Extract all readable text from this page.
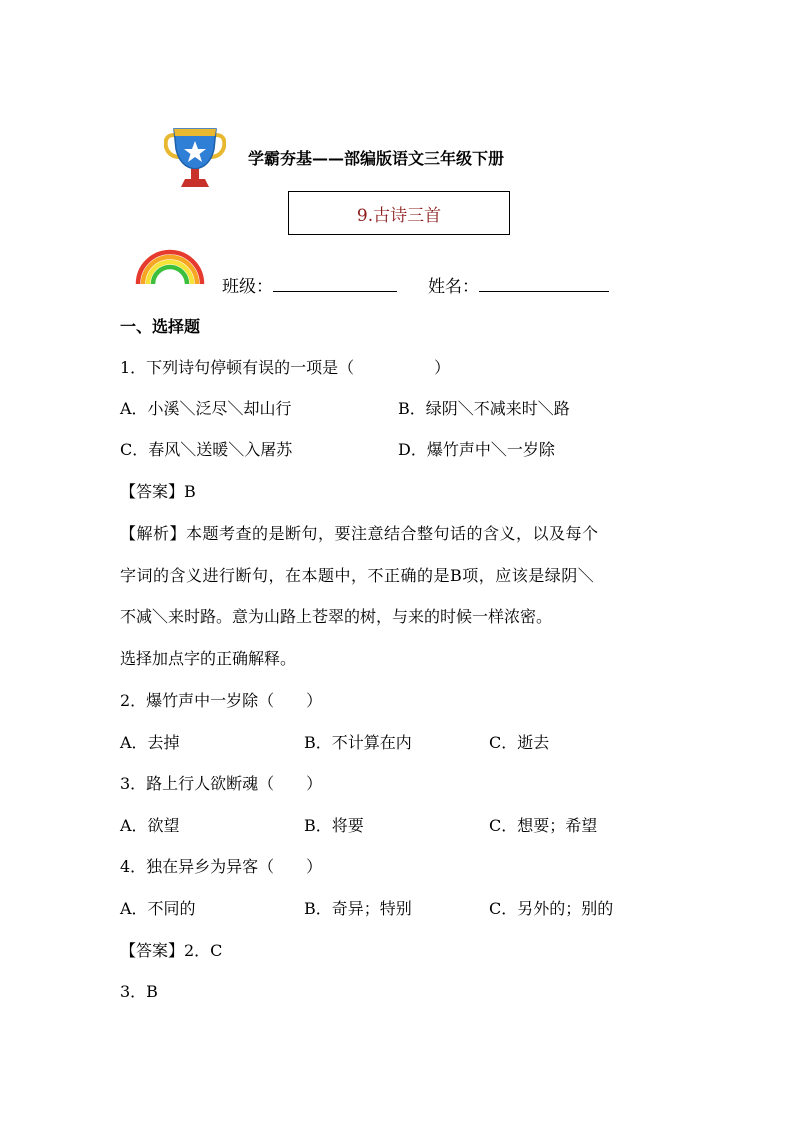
学霸夯基——部编版语文三年级下册
9.古诗三首
班级：	姓名：
一、选择题
1．下列诗句停顿有误的一项是（　　　　　）
A．小溪＼泛尽＼却山行	B．绿阴＼不减来时＼路
C．春风＼送暖＼入屠苏	D．爆竹声中＼一岁除
【答案】B
【解析】本题考查的是断句，要注意结合整句话的含义，以及每个
字词的含义进行断句，在本题中，不正确的是B项，应该是绿阴＼
不减＼来时路。意为山路上苍翠的树，与来的时候一样浓密。
选择加点字的正确解释。
2．爆竹声中一岁除（　　）
A．去掉	B．不计算在内	C．逝去
3．路上行人欲断魂（　　）
A．欲望	B．将要	C．想要；希望
4．独在异乡为异客（　　）
A．不同的	B．奇异；特别	C．另外的；别的
【答案】2．C
3．B
